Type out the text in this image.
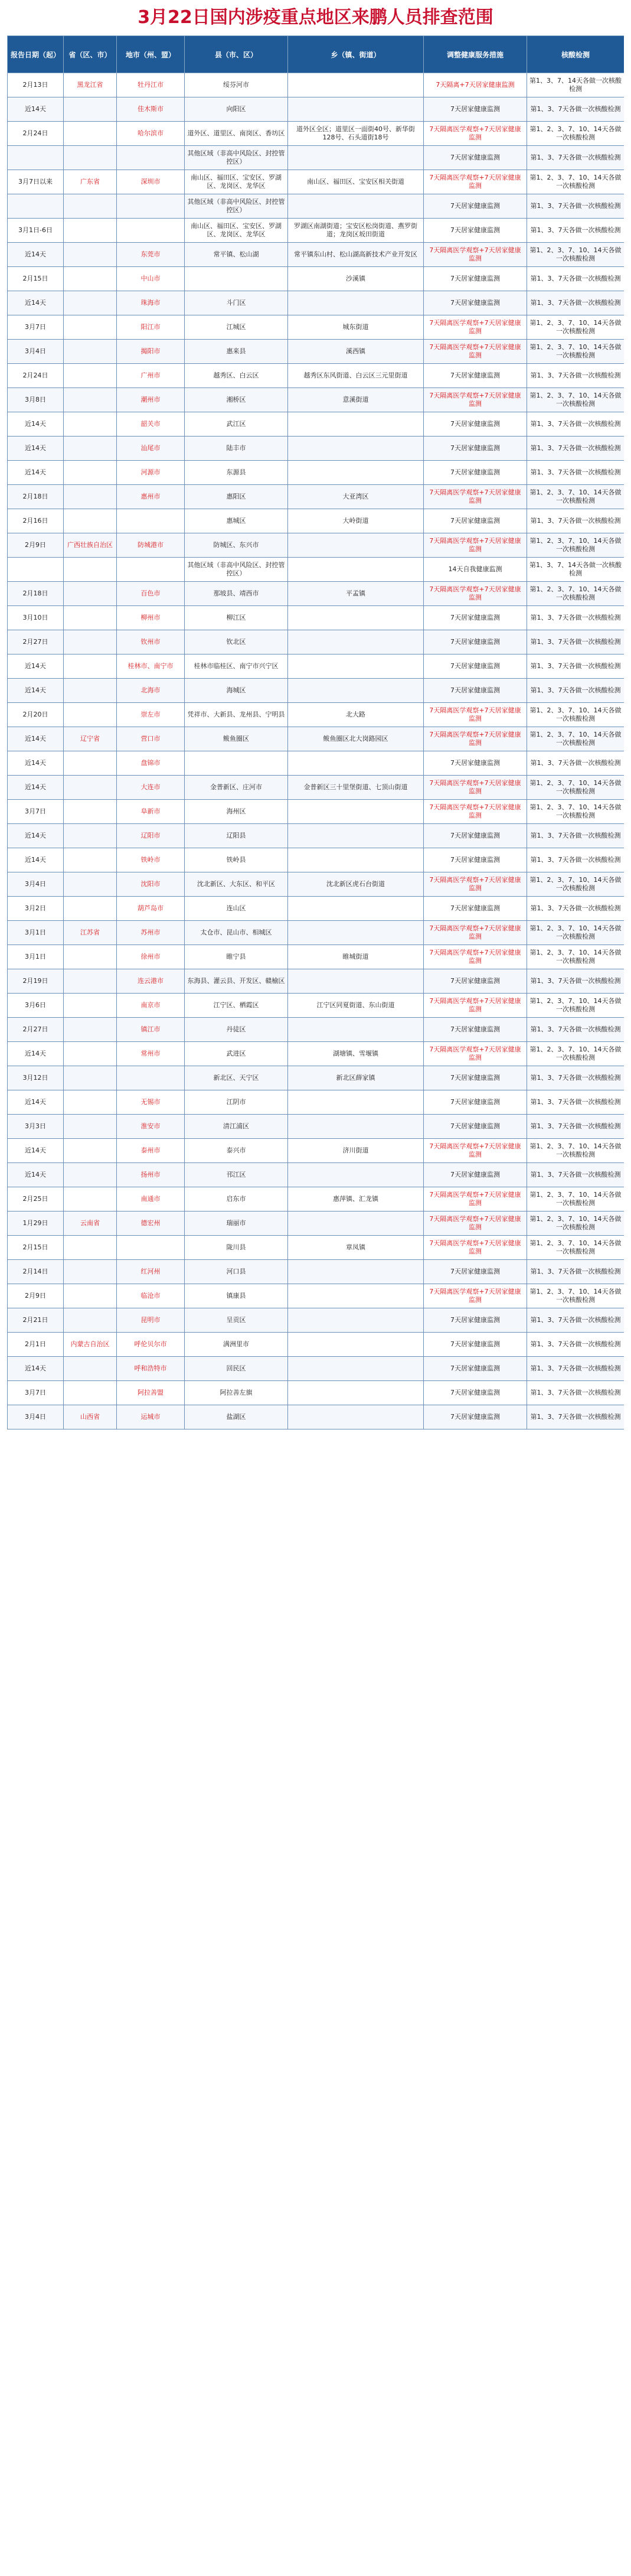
3月22日国内涉疫重点地区来鹏人员排查范围
报告日期（起）	省（区、市）	地市（州、盟）	县（市、区）	乡（镇、街道）	调整健康服务措施	核酸检测
2月13日	黑龙江省	牡丹江市	绥芬河市		7天隔离+7天居家健康监测	第1、3、7、14天各做一次核酸检测
近14天		佳木斯市	向阳区		7天居家健康监测	第1、3、7天各做一次核酸检测
2月24日		哈尔滨市	道外区、道里区、南岗区、香坊区	道外区全区；道里区一面街40号、新华街128号、石头道街18号	7天隔离医学观察+7天居家健康监测	第1、2、3、7、10、14天各做一次核酸检测
			其他区域（非高中风险区、封控管控区）		7天居家健康监测	第1、3、7天各做一次核酸检测
3月7日以来	广东省	深圳市	南山区、福田区、宝安区、罗湖区、龙岗区、龙华区	南山区、福田区、宝安区相关街道	7天隔离医学观察+7天居家健康监测	第1、2、3、7、10、14天各做一次核酸检测
			其他区域（非高中风险区、封控管控区）		7天居家健康监测	第1、3、7天各做一次核酸检测
3月1日-6日			南山区、福田区、宝安区、罗湖区、龙岗区、龙华区	罗湖区南湖街道；宝安区松岗街道、燕罗街道；龙岗区坂田街道	7天居家健康监测	第1、3、7天各做一次核酸检测
近14天		东莞市	常平镇、松山湖	常平镇东山村、松山湖高新技术产业开发区	7天隔离医学观察+7天居家健康监测	第1、2、3、7、10、14天各做一次核酸检测
2月15日		中山市		沙溪镇	7天居家健康监测	第1、3、7天各做一次核酸检测
近14天		珠海市	斗门区		7天居家健康监测	第1、3、7天各做一次核酸检测
3月7日		阳江市	江城区	城东街道	7天隔离医学观察+7天居家健康监测	第1、2、3、7、10、14天各做一次核酸检测
3月4日		揭阳市	惠来县	溪西镇	7天隔离医学观察+7天居家健康监测	第1、2、3、7、10、14天各做一次核酸检测
2月24日		广州市	越秀区、白云区	越秀区东风街道、白云区三元里街道	7天居家健康监测	第1、3、7天各做一次核酸检测
3月8日		潮州市	湘桥区	意溪街道	7天隔离医学观察+7天居家健康监测	第1、2、3、7、10、14天各做一次核酸检测
近14天		韶关市	武江区		7天居家健康监测	第1、3、7天各做一次核酸检测
近14天		汕尾市	陆丰市		7天居家健康监测	第1、3、7天各做一次核酸检测
近14天		河源市	东源县		7天居家健康监测	第1、3、7天各做一次核酸检测
2月18日		惠州市	惠阳区	大亚湾区	7天隔离医学观察+7天居家健康监测	第1、2、3、7、10、14天各做一次核酸检测
2月16日			惠城区	大岭街道	7天居家健康监测	第1、3、7天各做一次核酸检测
2月9日	广西壮族自治区	防城港市	防城区、东兴市		7天隔离医学观察+7天居家健康监测	第1、2、3、7、10、14天各做一次核酸检测
			其他区域（非高中风险区、封控管控区）		14天自我健康监测	第1、3、7、14天各做一次核酸检测
2月18日		百色市	那坡县、靖西市	平孟镇	7天隔离医学观察+7天居家健康监测	第1、2、3、7、10、14天各做一次核酸检测
3月10日		柳州市	柳江区		7天居家健康监测	第1、3、7天各做一次核酸检测
2月27日		钦州市	钦北区		7天居家健康监测	第1、3、7天各做一次核酸检测
近14天		桂林市、南宁市	桂林市临桂区、南宁市兴宁区		7天居家健康监测	第1、3、7天各做一次核酸检测
近14天		北海市	海城区		7天居家健康监测	第1、3、7天各做一次核酸检测
2月20日		崇左市	凭祥市、大新县、龙州县、宁明县	北大路	7天隔离医学观察+7天居家健康监测	第1、2、3、7、10、14天各做一次核酸检测
近14天	辽宁省	营口市	鲅鱼圈区	鲅鱼圈区北大岗路园区	7天隔离医学观察+7天居家健康监测	第1、2、3、7、10、14天各做一次核酸检测
近14天		盘锦市			7天居家健康监测	第1、3、7天各做一次核酸检测
近14天		大连市	金普新区、庄河市	金普新区三十里堡街道、七顶山街道	7天隔离医学观察+7天居家健康监测	第1、2、3、7、10、14天各做一次核酸检测
3月7日		阜新市	海州区		7天隔离医学观察+7天居家健康监测	第1、2、3、7、10、14天各做一次核酸检测
近14天		辽阳市	辽阳县		7天居家健康监测	第1、3、7天各做一次核酸检测
近14天		铁岭市	铁岭县		7天居家健康监测	第1、3、7天各做一次核酸检测
3月4日		沈阳市	沈北新区、大东区、和平区	沈北新区虎石台街道	7天隔离医学观察+7天居家健康监测	第1、2、3、7、10、14天各做一次核酸检测
3月2日		葫芦岛市	连山区		7天居家健康监测	第1、3、7天各做一次核酸检测
3月1日	江苏省	苏州市	太仓市、昆山市、相城区		7天隔离医学观察+7天居家健康监测	第1、2、3、7、10、14天各做一次核酸检测
3月1日		徐州市	睢宁县	睢城街道	7天隔离医学观察+7天居家健康监测	第1、2、3、7、10、14天各做一次核酸检测
2月19日		连云港市	东海县、灌云县、开发区、赣榆区		7天居家健康监测	第1、3、7天各做一次核酸检测
3月6日		南京市	江宁区、栖霞区	江宁区同夏街道、东山街道	7天隔离医学观察+7天居家健康监测	第1、2、3、7、10、14天各做一次核酸检测
2月27日		镇江市	丹徒区		7天居家健康监测	第1、3、7天各做一次核酸检测
近14天		常州市	武进区	湖塘镇、雪堰镇	7天隔离医学观察+7天居家健康监测	第1、2、3、7、10、14天各做一次核酸检测
3月12日			新北区、天宁区	新北区薛家镇	7天居家健康监测	第1、3、7天各做一次核酸检测
近14天		无锡市	江阴市		7天居家健康监测	第1、3、7天各做一次核酸检测
3月3日		淮安市	清江浦区		7天居家健康监测	第1、3、7天各做一次核酸检测
近14天		泰州市	泰兴市	济川街道	7天隔离医学观察+7天居家健康监测	第1、2、3、7、10、14天各做一次核酸检测
近14天		扬州市	邗江区		7天居家健康监测	第1、3、7天各做一次核酸检测
2月25日		南通市	启东市	惠萍镇、汇龙镇	7天隔离医学观察+7天居家健康监测	第1、2、3、7、10、14天各做一次核酸检测
1月29日	云南省	德宏州	瑞丽市		7天隔离医学观察+7天居家健康监测	第1、2、3、7、10、14天各做一次核酸检测
2月15日			陇川县	章凤镇	7天隔离医学观察+7天居家健康监测	第1、2、3、7、10、14天各做一次核酸检测
2月14日		红河州	河口县		7天居家健康监测	第1、3、7天各做一次核酸检测
2月9日		临沧市	镇康县		7天隔离医学观察+7天居家健康监测	第1、2、3、7、10、14天各做一次核酸检测
2月21日		昆明市	呈贡区		7天居家健康监测	第1、3、7天各做一次核酸检测
2月1日	内蒙古自治区	呼伦贝尔市	满洲里市		7天居家健康监测	第1、3、7天各做一次核酸检测
近14天		呼和浩特市	回民区		7天居家健康监测	第1、3、7天各做一次核酸检测
3月7日		阿拉善盟	阿拉善左旗		7天居家健康监测	第1、3、7天各做一次核酸检测
3月4日	山西省	运城市	盐湖区		7天居家健康监测	第1、3、7天各做一次核酸检测
